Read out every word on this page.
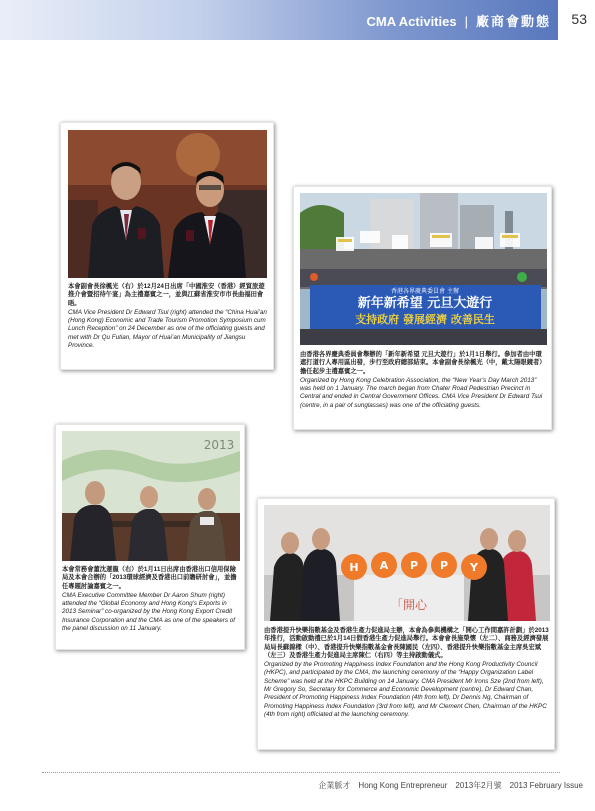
CMA Activities | 廠商會動態 53
本會副會長徐楓光（右）於12月24日出席「中國淮安（香港）經貿旅遊推介會暨招待午宴」為主禮嘉賓之一，並與江蘇省淮安市市長曲福田會晤。
CMA Vice President Dr Edward Tsui (right) attended the “China Huai’an (Hong Kong) Economic and Trade Tourism Promotion Symposium cum Lunch Reception” on 24 December as one of the officiating guests and met with Dr Qu Futian, Mayor of Huai’an Municipality of Jiangsu Province.
香港各界慶典委員會 主辦
新年新希望 元旦大遊行
支持政府 發展經濟 改善民生
由香港各界慶典委員會舉辦的「新年新希望 元旦大遊行」於1月1日舉行。參加者由中環遮打道行人專用區出發，步行至政府總部結束。本會副會長徐楓光（中，戴太陽眼鏡者）擔任起步主禮嘉賓之一。
Organized by Hong Kong Celebration Association, the “New Year’s Day March 2013” was held on 1 January. The march began from Chater Road Pedestrian Precinct in Central and ended in Central Government Offices. CMA Vice President Dr Edward Tsui (centre, in a pair of sunglasses) was one of the officiating guests.
2013
本會常務會董沈運龍（右）於1月11日出席由香港出口信用保險局及本會合辦的「2013環球經濟及香港出口前瞻研討會」，並擔任專題討論嘉賓之一。
CMA Executive Committee Member Dr Aaron Shum (right) attended the “Global Economy and Hong Kong’s Exports in 2013 Seminar” co-organized by the Hong Kong Export Credit Insurance Corporation and the CMA as one of the speakers of the panel discussion on 11 January.
「開心
H A P P Y
由香港提升快樂指數基金及香港生產力促進局主辦，本會為參與機構之「開心工作間嘉許計劃」於2013年推行，活動啟動禮已於1月14日假香港生產力促進局舉行。本會會長施榮懷（左二）、商務及經濟發展局局長蘇錦樑（中）、香港提升快樂指數基金會長陳國民（左四）、香港提升快樂指數基金主席吳宏斌（左三）及香港生產力促進局主席陳仁（右四）等主持啟動儀式。
Organized by the Promoting Happiness Index Foundation and the Hong Kong Productivity Council (HKPC), and participated by the CMA, the launching ceremony of the “Happy Organization Label Scheme” was held at the HKPC Building on 14 January. CMA President Mr Irons Sze (2nd from left), Mr Gregory So, Secretary for Commerce and Economic Development (centre), Dr Edward Chan, President of Promoting Happiness Index Foundation (4th from left), Dr Dennis Ng, Chairman of Promoting Happiness Index Foundation (3rd from left), and Mr Clement Chen, Chairman of the HKPC (4th from right) officiated at the launching ceremony.
企業脈才 Hong Kong Entrepreneur 2013年2月號 2013 February Issue
